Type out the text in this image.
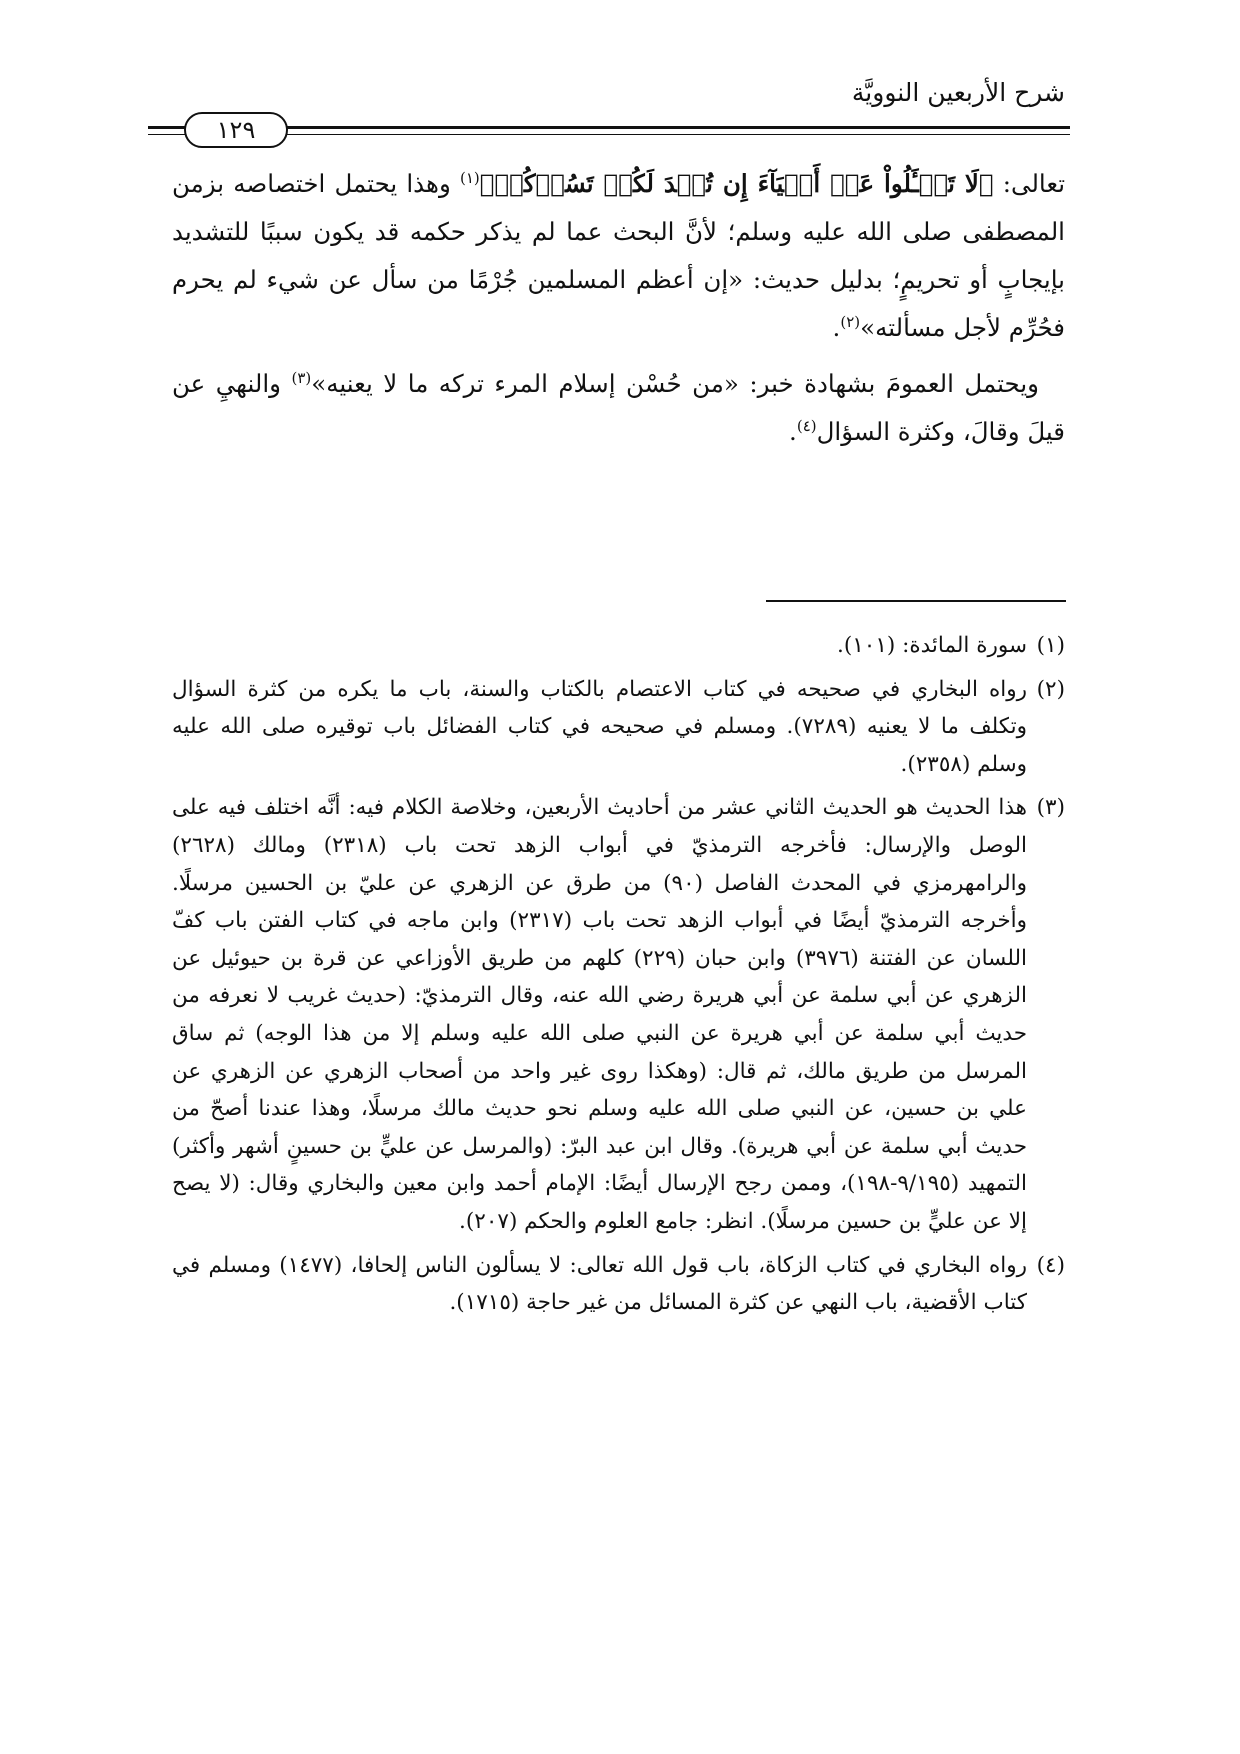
شرح الأربعين النوويَّة
١٢٩

تعالى: ﴿لَا تَسۡـَٔلُواْ عَنۡ أَشۡيَآءَ إِن تُبۡدَ لَكُمۡ تَسُؤۡكُمۡ﴾$^{(١)}$ وهذا يحتمل اختصاصه بزمن المصطفى صلى الله عليه وسلم؛ لأنَّ البحث عما لم يذكر حكمه قد يكون سببًا للتشديد بإيجابٍ أو تحريمٍ؛ بدليل حديث: «إن أعظم المسلمين جُرْمًا من سأل عن شيء لم يحرم فحُرِّم لأجل مسألته»$^{(٢)}$.

ويحتمل العمومَ بشهادة خبر: «من حُسْن إسلام المرء تركه ما لا يعنيه»$^{(٣)}$ والنهيِ عن قيلَ وقالَ، وكثرة السؤال$^{(٤)}$.

(١)
سورة المائدة: (١٠١).
(٢)
رواه البخاري في صحيحه في كتاب الاعتصام بالكتاب والسنة، باب ما يكره من كثرة السؤال وتكلف ما لا يعنيه (٧٢٨٩). ومسلم في صحيحه في كتاب الفضائل باب توقيره صلى الله عليه وسلم (٢٣٥٨).
(٣)
هذا الحديث هو الحديث الثاني عشر من أحاديث الأربعين، وخلاصة الكلام فيه: أنَّه اختلف فيه على الوصل والإرسال: فأخرجه الترمذيّ في أبواب الزهد تحت باب (٢٣١٨) ومالك (٢٦٢٨) والرامهرمزي في المحدث الفاصل (٩٠) من طرق عن الزهري عن عليّ بن الحسين مرسلًا. وأخرجه الترمذيّ أيضًا في أبواب الزهد تحت باب (٢٣١٧) وابن ماجه في كتاب الفتن باب كفّ اللسان عن الفتنة (٣٩٧٦) وابن حبان (٢٢٩) كلهم من طريق الأوزاعي عن قرة بن حيوئيل عن الزهري عن أبي سلمة عن أبي هريرة رضي الله عنه، وقال الترمذيّ: (حديث غريب لا نعرفه من حديث أبي سلمة عن أبي هريرة عن النبي صلى الله عليه وسلم إلا من هذا الوجه) ثم ساق المرسل من طريق مالك، ثم قال: (وهكذا روى غير واحد من أصحاب الزهري عن الزهري عن علي بن حسين، عن النبي صلى الله عليه وسلم نحو حديث مالك مرسلًا، وهذا عندنا أصحّ من حديث أبي سلمة عن أبي هريرة). وقال ابن عبد البرّ: (والمرسل عن عليٍّ بن حسينٍ أشهر وأكثر) التمهيد (٩/١٩٥-١٩٨)، وممن رجح الإرسال أيضًا: الإمام أحمد وابن معين والبخاري وقال: (لا يصح إلا عن عليٍّ بن حسين مرسلًا). انظر: جامع العلوم والحكم (٢٠٧).
(٤)
رواه البخاري في كتاب الزكاة، باب قول الله تعالى: لا يسألون الناس إلحافا، (١٤٧٧) ومسلم في كتاب الأقضية، باب النهي عن كثرة المسائل من غير حاجة (١٧١٥).
